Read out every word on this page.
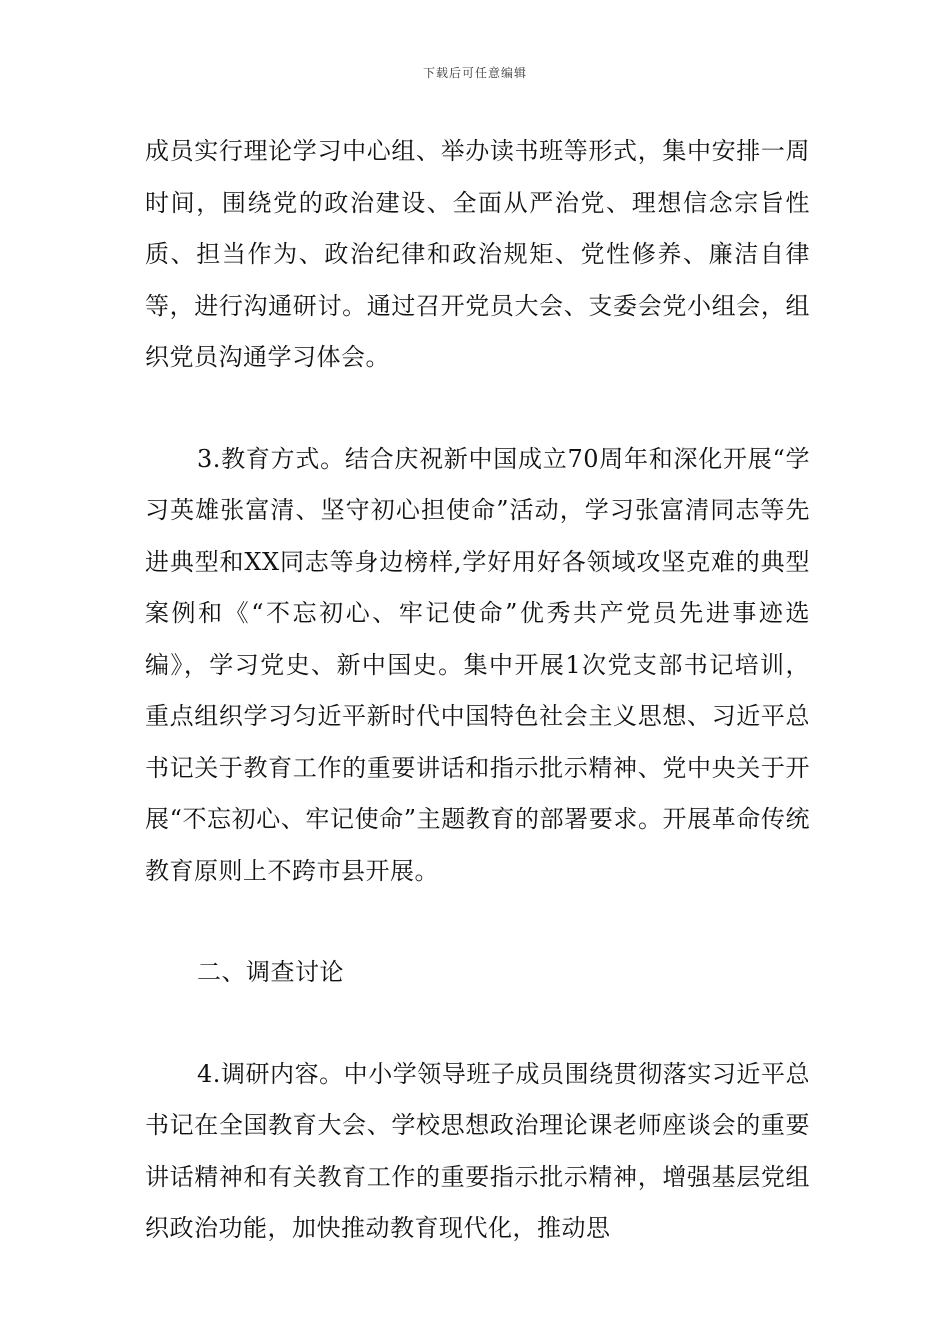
下载后可任意编辑

成员实行理论学习中心组、举办读书班等形式，集中安排一周时间，围绕党的政治建设、全面从严治党、理想信念宗旨性质、担当作为、政治纪律和政治规矩、党性修养、廉洁自律等，进行沟通研讨。通过召开党员大会、支委会党小组会，组织党员沟通学习体会。

3.教育方式。结合庆祝新中国成立70周年和深化开展“学习英雄张富清、坚守初心担使命”活动，学习张富清同志等先进典型和XX同志等身边榜样,学好用好各领域攻坚克难的典型案例和《“不忘初心、牢记使命”优秀共产党员先进事迹选编》，学习党史、新中国史。集中开展1次党支部书记培训，重点组织学习匀近平新时代中国特色社会主义思想、习近平总书记关于教育工作的重要讲话和指示批示精神、党中央关于开展“不忘初心、牢记使命”主题教育的部署要求。开展革命传统教育原则上不跨市县开展。

二、调查讨论

4.调研内容。中小学领导班子成员围绕贯彻落实习近平总书记在全国教育大会、学校思想政治理论课老师座谈会的重要讲话精神和有关教育工作的重要指示批示精神，增强基层党组织政治功能，加快推动教育现代化，推动思
